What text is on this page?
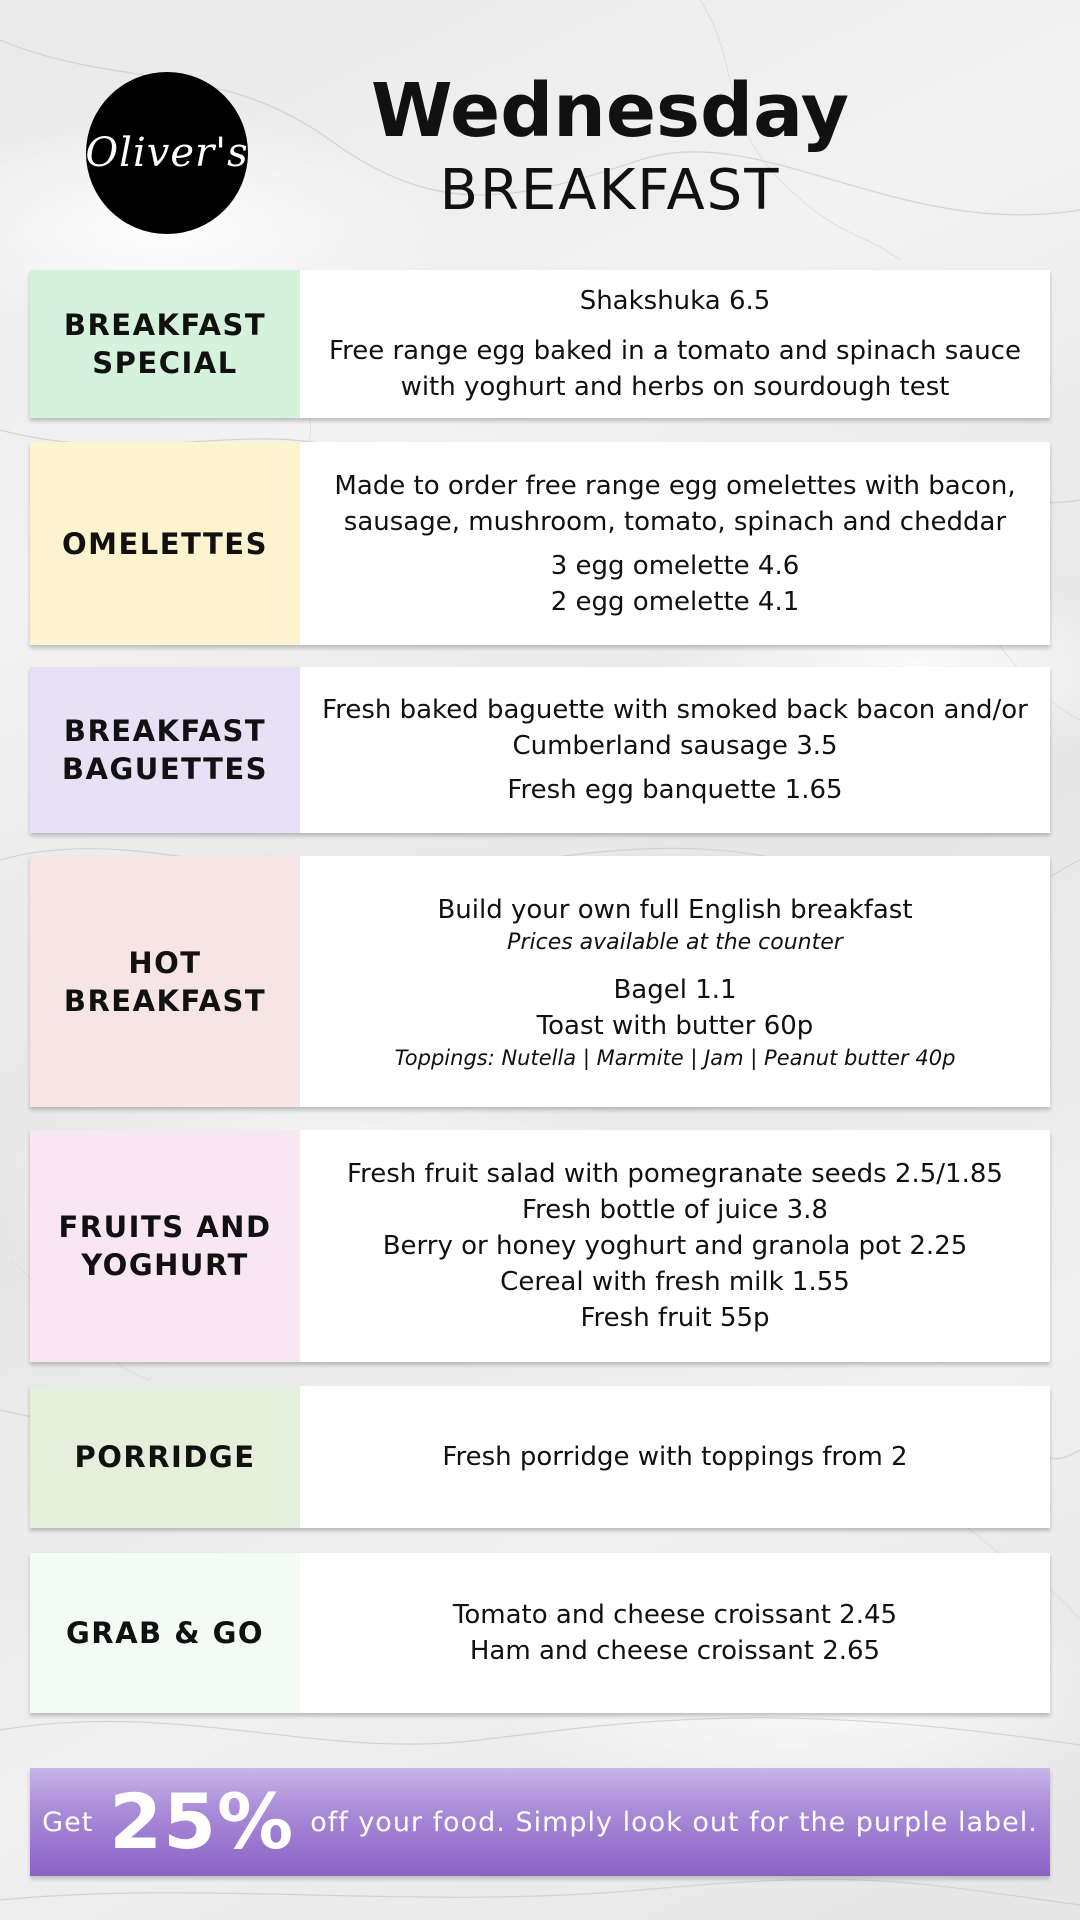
Oliver's	Wednesday
BREAKFAST
BREAKFAST
SPECIAL
Shakshuka 6.5
Free range egg baked in a tomato and spinach sauce
with yoghurt and herbs on sourdough test
OMELETTES
Made to order free range egg omelettes with bacon,
sausage, mushroom, tomato, spinach and cheddar
3 egg omelette 4.6
2 egg omelette 4.1
BREAKFAST
BAGUETTES
Fresh baked baguette with smoked back bacon and/or
Cumberland sausage 3.5
Fresh egg banquette 1.65
HOT
BREAKFAST
Build your own full English breakfast
Prices available at the counter
Bagel 1.1
Toast with butter 60p
Toppings: Nutella | Marmite | Jam | Peanut butter 40p
FRUITS AND
YOGHURT
Fresh fruit salad with pomegranate seeds 2.5/1.85
Fresh bottle of juice 3.8
Berry or honey yoghurt and granola pot 2.25
Cereal with fresh milk 1.55
Fresh fruit 55p
PORRIDGE	Fresh porridge with toppings from 2
GRAB & GO
Tomato and cheese croissant 2.45
Ham and cheese croissant 2.65
Get 25% off your food. Simply look out for the purple label.
